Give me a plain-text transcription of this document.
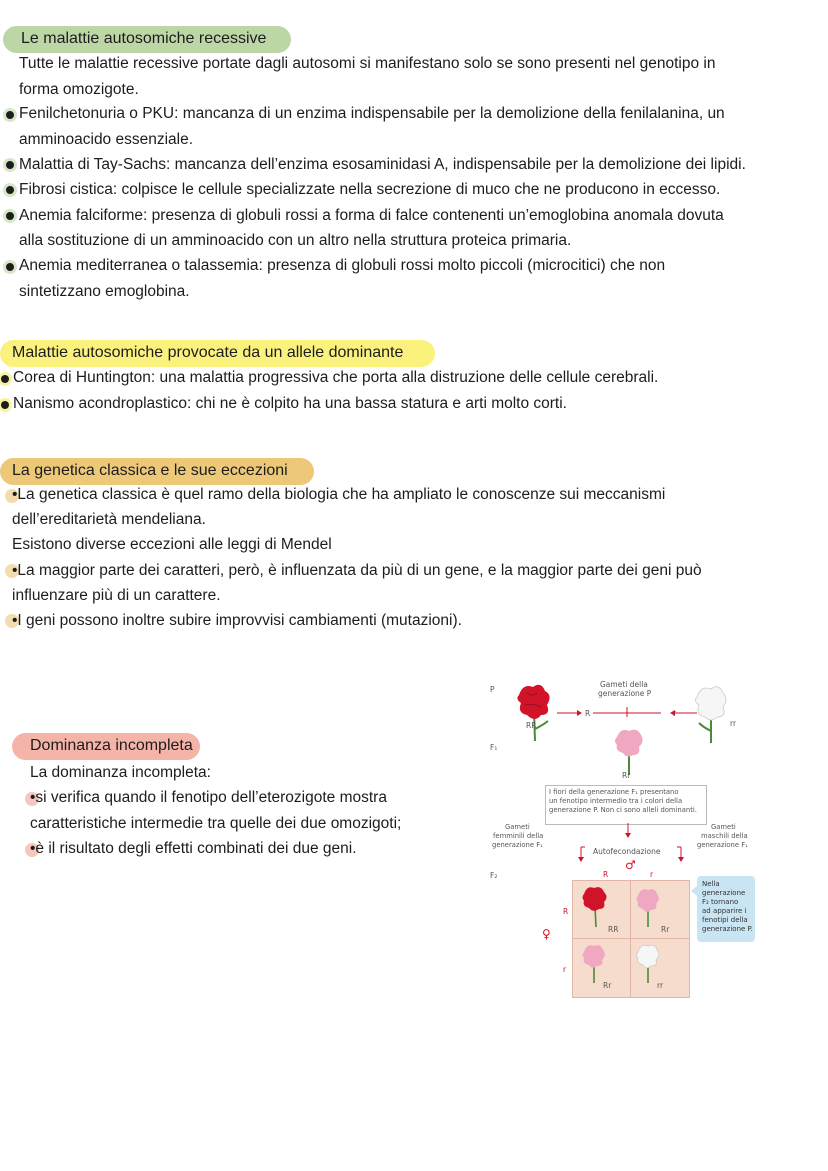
Le malattie autosomiche recessive
Tutte le malattie recessive portate dagli autosomi si manifestano solo se sono presenti nel genotipo in
forma omozigote.
Fenilchetonuria o PKU: mancanza di un enzima indispensabile per la demolizione della fenilalanina, un
amminoacido essenziale.
Malattia di Tay-Sachs: mancanza dell’enzima esosaminidasi A, indispensabile per la demolizione dei lipidi.
Fibrosi cistica: colpisce le cellule specializzate nella secrezione di muco che ne producono in eccesso.
Anemia falciforme: presenza di globuli rossi a forma di falce contenenti un’emoglobina anomala dovuta
alla sostituzione di un amminoacido con un altro nella struttura proteica primaria.
Anemia mediterranea o talassemia: presenza di globuli rossi molto piccoli (microcitici) che non
sintetizzano emoglobina.
Malattie autosomiche provocate da un allele dominante
Corea di Huntington: una malattia progressiva che porta alla distruzione delle cellule cerebrali.
Nanismo acondroplastico: chi ne è colpito ha una bassa statura e arti molto corti.
La genetica classica e le sue eccezioni
•La genetica classica è quel ramo della biologia che ha ampliato le conoscenze sui meccanismi
dell’ereditarietà mendeliana.
Esistono diverse eccezioni alle leggi di Mendel
•La maggior parte dei caratteri, però, è influenzata da più di un gene, e la maggior parte dei geni può
influenzare più di un carattere.
•I geni possono inoltre subire improvvisi cambiamenti (mutazioni).
Dominanza incompleta
La dominanza incompleta:
•si verifica quando il fenotipo dell’eterozigote mostra
caratteristiche intermedie tra quelle dei due omozigoti;
•è il risultato degli effetti combinati dei due geni.
P
F₁
F₂
Gameti della
generazione P
RR
R	r
rr
Rr
I fiori della generazione F₁ presentano
un fenotipo intermedio tra i colori della
generazione P. Non ci sono alleli dominanti.
Gameti
femminili della
generazione F₁
Gameti
maschili della
generazione F₁
Autofecondazione
♂
R	r
R
r
♀	RR	Rr
Rr	rr
Nella
generazione
F₂ tornano
ad apparire i
fenotipi della
generazione P.
